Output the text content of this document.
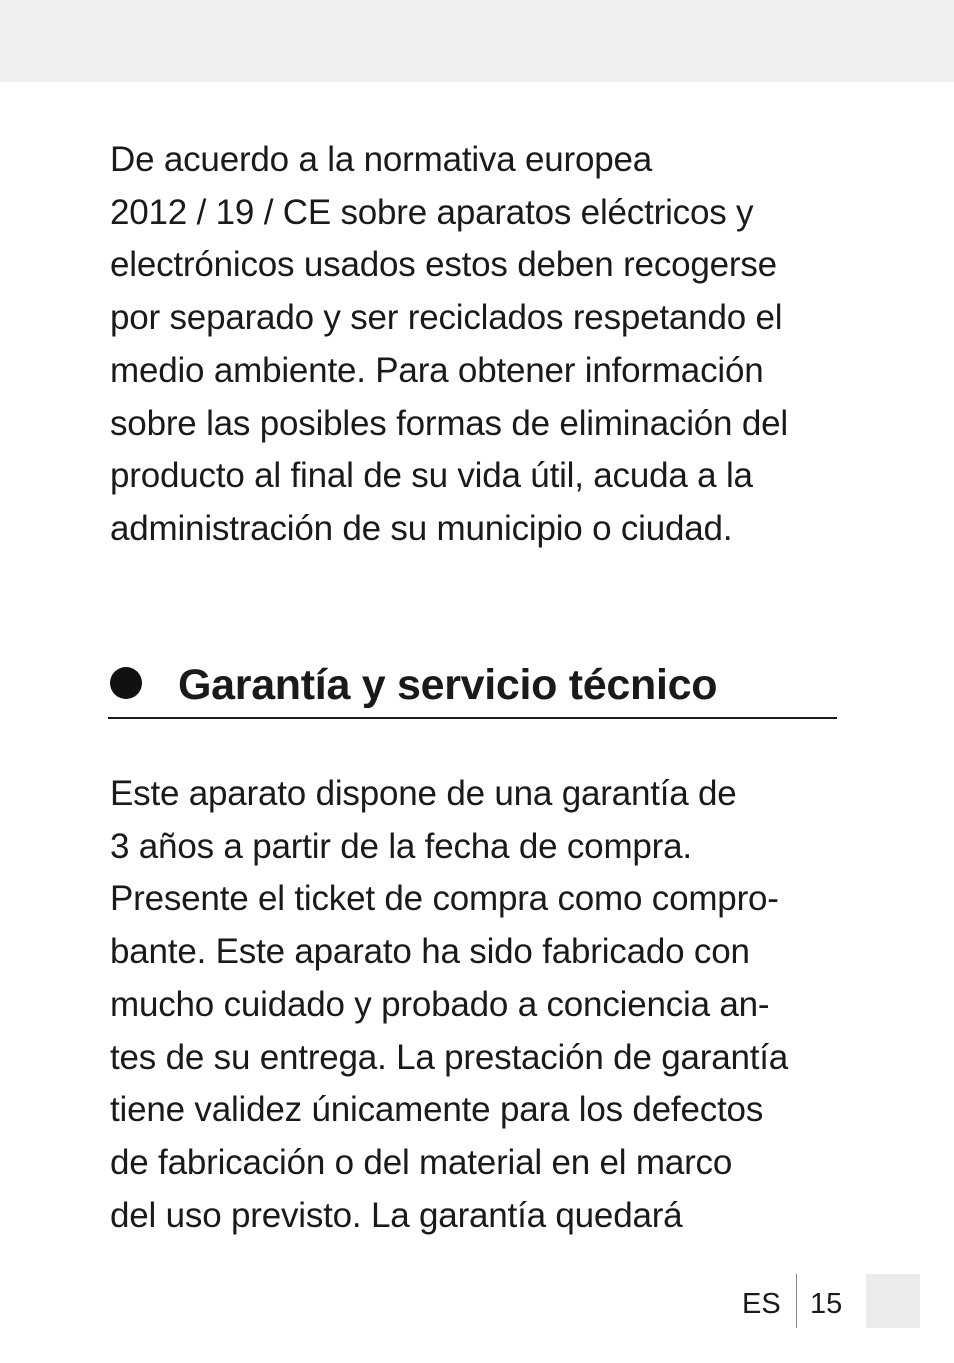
De acuerdo a la normativa europea
2012 / 19 / CE sobre aparatos eléctricos y
electrónicos usados estos deben recogerse
por separado y ser reciclados respetando el
medio ambiente. Para obtener información
sobre las posibles formas de eliminación del
producto al final de su vida útil, acuda a la
administración de su municipio o ciudad.

Garantía y servicio técnico

Este aparato dispone de una garantía de
3 años a partir de la fecha de compra.
Presente el ticket de compra como compro-
bante. Este aparato ha sido fabricado con
mucho cuidado y probado a conciencia an-
tes de su entrega. La prestación de garantía
tiene validez únicamente para los defectos
de fabricación o del material en el marco
del uso previsto. La garantía quedará

ES 15
